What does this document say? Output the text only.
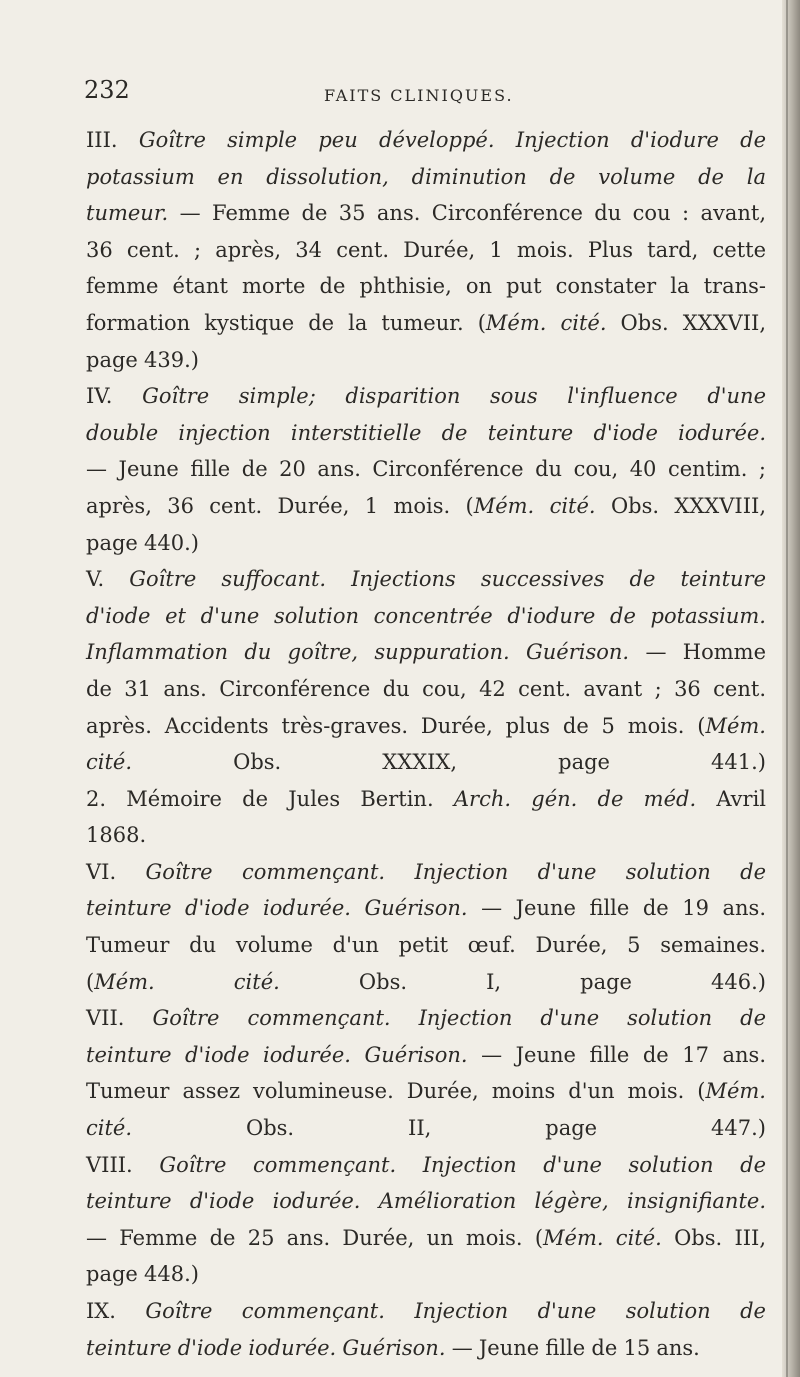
232	FAITS CLINIQUES.
III. Goître simple peu développé. Injection d'iodure de
potassium en dissolution, diminution de volume de la
tumeur. — Femme de 35 ans. Circonférence du cou : avant,
36 cent. ; après, 34 cent. Durée, 1 mois. Plus tard, cette
femme étant morte de phthisie, on put constater la trans-
formation kystique de la tumeur. (Mém. cité. Obs. XXXVII,
page 439.)
IV. Goître simple; disparition sous l'influence d'une
double injection interstitielle de teinture d'iode iodurée.
— Jeune fille de 20 ans. Circonférence du cou, 40 centim. ;
après, 36 cent. Durée, 1 mois. (Mém. cité. Obs. XXXVIII,
page 440.)
V. Goître suffocant. Injections successives de teinture
d'iode et d'une solution concentrée d'iodure de potassium.
Inflammation du goître, suppuration. Guérison. — Homme
de 31 ans. Circonférence du cou, 42 cent. avant ; 36 cent.
après. Accidents très-graves. Durée, plus de 5 mois. (Mém.
cité. Obs. XXXIX, page 441.)
2. Mémoire de Jules Bertin. Arch. gén. de méd. Avril
1868.
VI. Goître commençant. Injection d'une solution de
teinture d'iode iodurée. Guérison. — Jeune fille de 19 ans.
Tumeur du volume d'un petit œuf. Durée, 5 semaines.
(Mém. cité. Obs. I, page 446.)
VII. Goître commençant. Injection d'une solution de
teinture d'iode iodurée. Guérison. — Jeune fille de 17 ans.
Tumeur assez volumineuse. Durée, moins d'un mois. (Mém.
cité. Obs. II, page 447.)
VIII. Goître commençant. Injection d'une solution de
teinture d'iode iodurée. Amélioration légère, insignifiante.
— Femme de 25 ans. Durée, un mois. (Mém. cité. Obs. III,
page 448.)
IX. Goître commençant. Injection d'une solution de
teinture d'iode iodurée. Guérison. — Jeune fille de 15 ans.
